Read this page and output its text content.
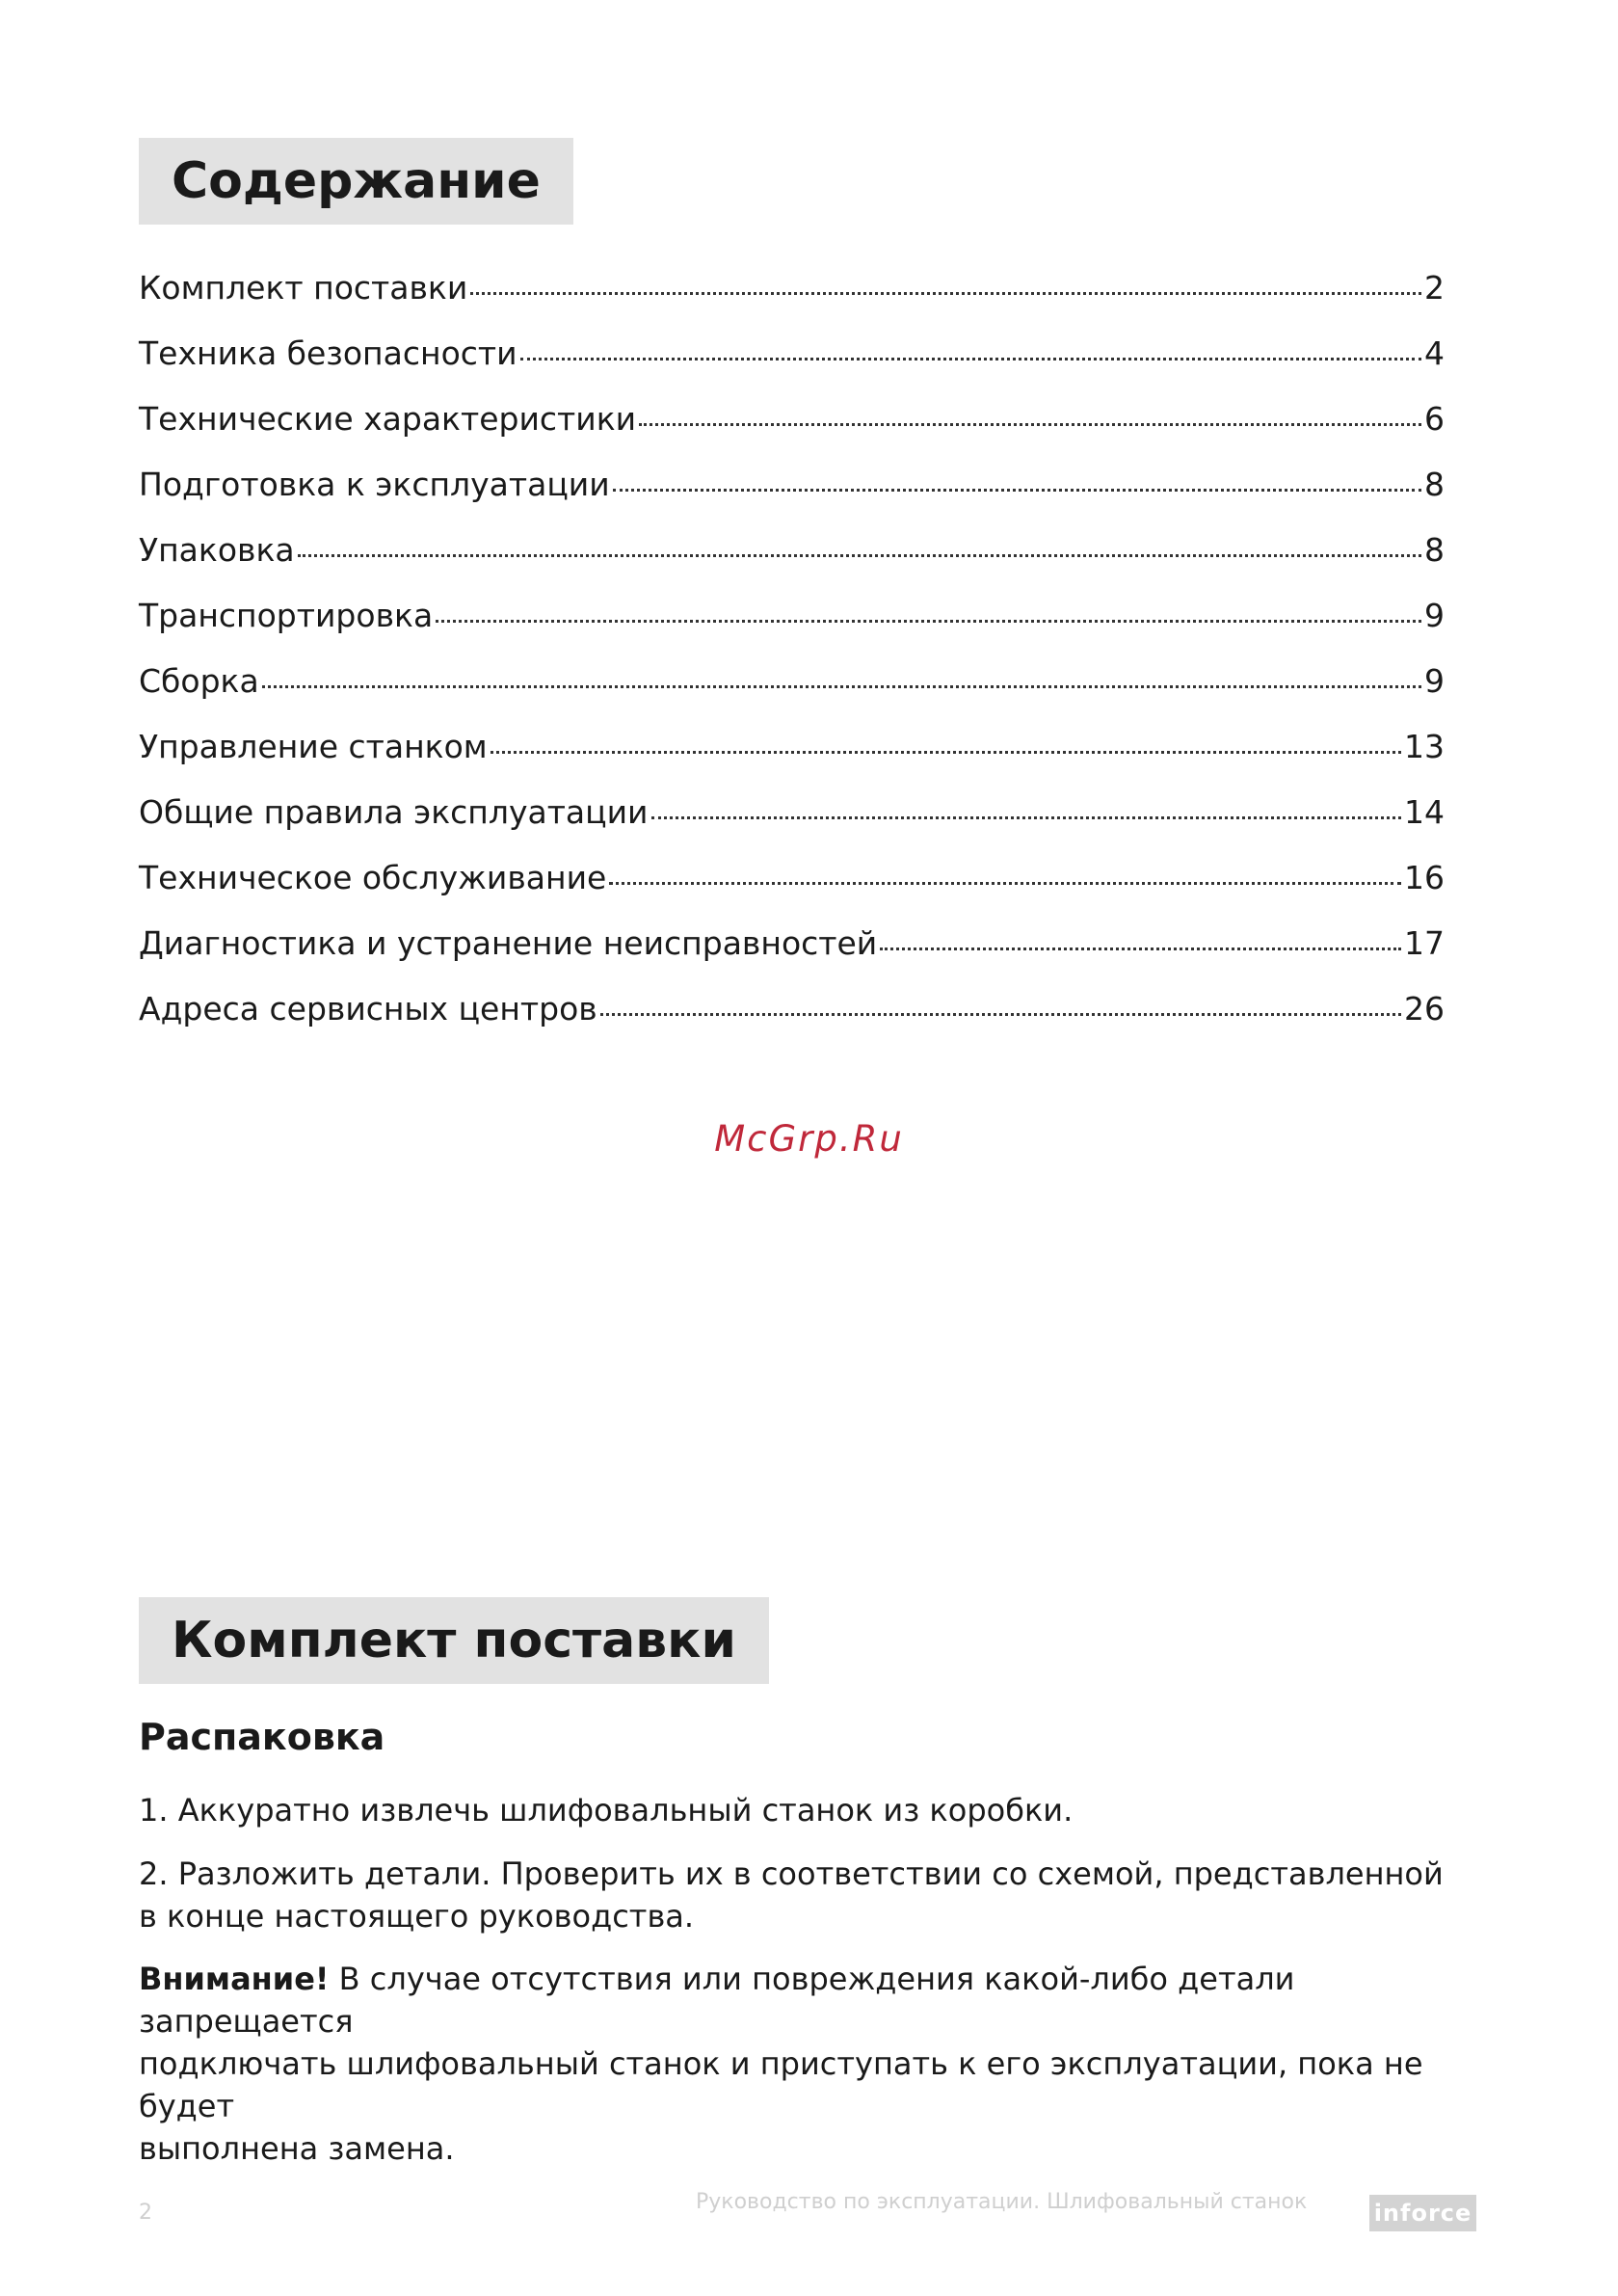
Содержание
Комплект поставки	2
Техника безопасности	4
Технические характеристики	6
Подготовка к эксплуатации	8
Упаковка	8
Транспортировка	9
Сборка	9
Управление станком	13
Общие правила эксплуатации	14
Техническое обслуживание	16
Диагностика и устранение неисправностей	17
Адреса сервисных центров	26
McGrp.Ru
Комплект поставки
Распаковка

1. Аккуратно извлечь шлифовальный станок из коробки.

2. Разложить детали. Проверить их в соответствии со схемой, представленной
в конце настоящего руководства.

Внимание! В случае отсутствия или повреждения какой-либо детали запрещается
подключать шлифовальный станок и приступать к его эксплуатации, пока не будет
выполнена замена.

2	Руководство по эксплуатации. Шлифовальный станок	inforce
